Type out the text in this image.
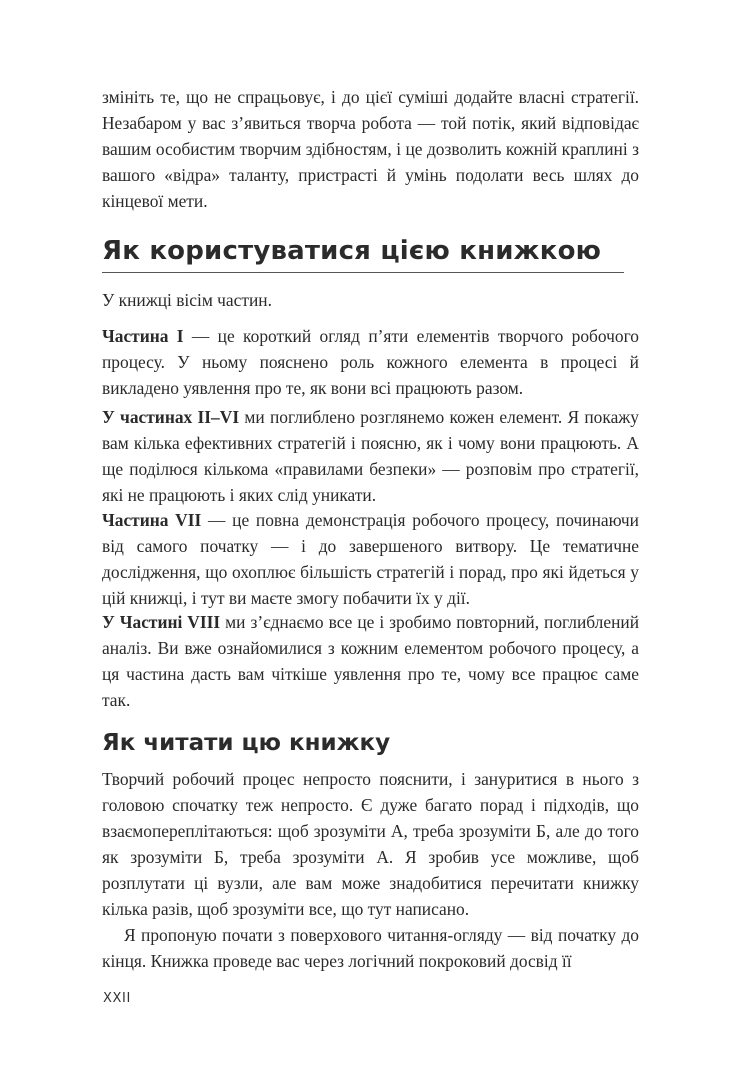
змініть те, що не спрацьовує, і до цієї суміші додайте власні стратегії. Незабаром у вас з’явиться творча робота — той потік, який відповідає вашим особистим творчим здібностям, і це дозволить кожній краплині з вашого «відра» таланту, пристрасті й умінь подолати весь шлях до кінцевої мети.

Як користуватися цією книжкою

У книжці вісім частин.

Частина I — це короткий огляд п’яти елементів творчого робочого процесу. У ньому пояснено роль кожного елемента в процесі й викладено уявлення про те, як вони всі працюють разом.

У частинах II–VI ми поглиблено розглянемо кожен елемент. Я покажу вам кілька ефективних стратегій і поясню, як і чому вони працюють. А ще поділюся кількома «правилами безпеки» — розповім про стратегії, які не працюють і яких слід уникати.

Частина VII — це повна демонстрація робочого процесу, починаючи від самого початку — і до завершеного витвору. Це тематичне дослідження, що охоплює більшість стратегій і порад, про які йдеться у цій книжці, і тут ви маєте змогу побачити їх у дії.

У Частині VIII ми з’єднаємо все це і зробимо повторний, поглиблений аналіз. Ви вже ознайомилися з кожним елементом робочого процесу, а ця частина дасть вам чіткіше уявлення про те, чому все працює саме так.

Як читати цю книжку

Творчий робочий процес непросто пояснити, і зануритися в нього з головою спочатку теж непросто. Є дуже багато порад і підходів, що взаємопереплітаються: щоб зрозуміти А, треба зрозуміти Б, але до того як зрозуміти Б, треба зрозуміти А. Я зробив усе можливе, щоб розплутати ці вузли, але вам може знадобитися перечитати книжку кілька разів, щоб зрозуміти все, що тут написано.

Я пропоную почати з поверхового читання-огляду — від початку до кінця. Книжка проведе вас через логічний покроковий досвід її

XXII
